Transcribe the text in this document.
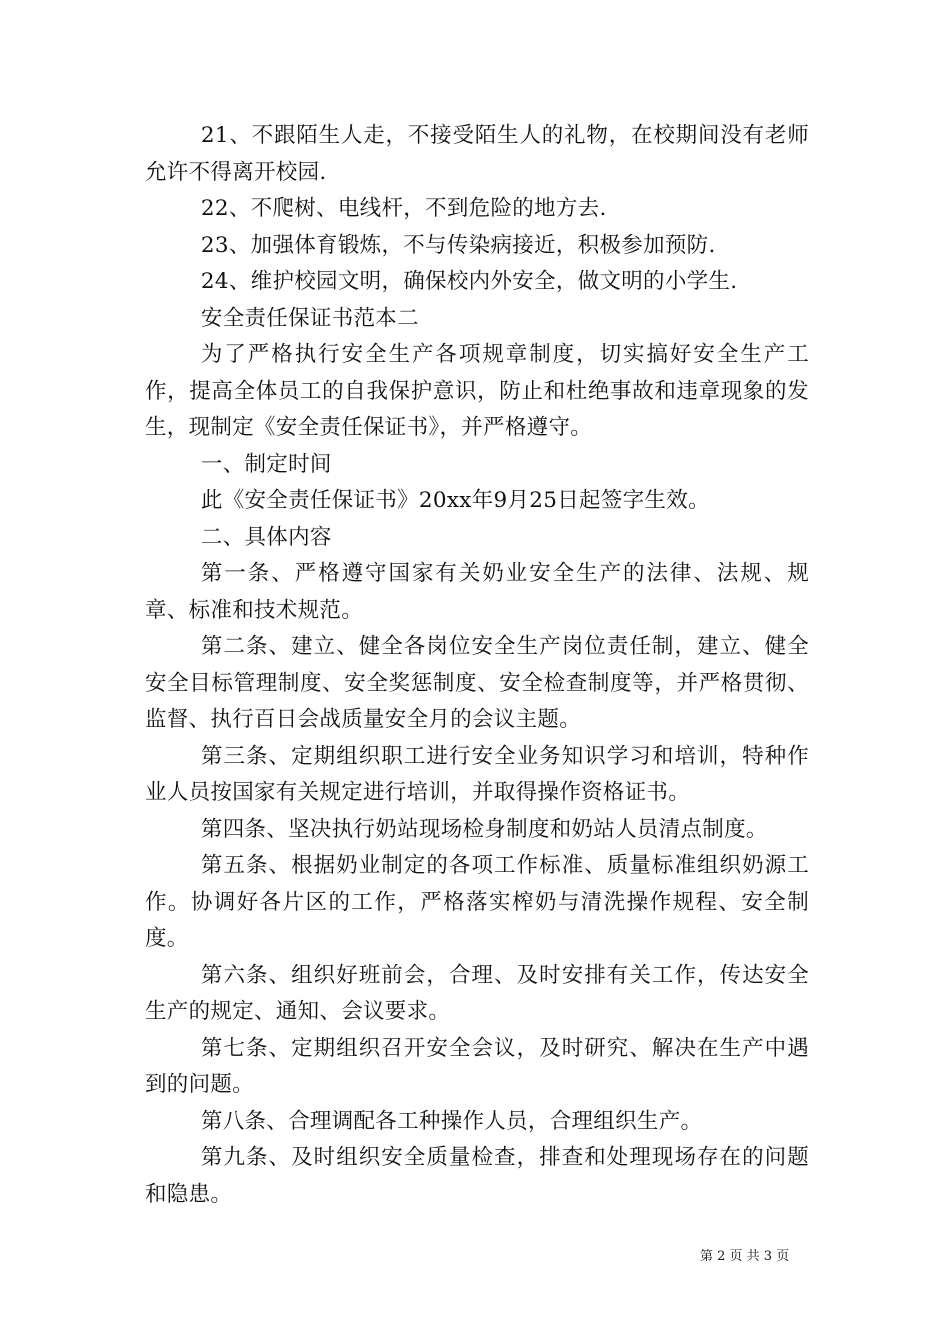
21、不跟陌生人走，不接受陌生人的礼物，在校期间没有老师允许不得离开校园.

22、不爬树、电线杆，不到危险的地方去.

23、加强体育锻炼，不与传染病接近，积极参加预防.

24、维护校园文明，确保校内外安全，做文明的小学生.

安全责任保证书范本二

为了严格执行安全生产各项规章制度，切实搞好安全生产工作，提高全体员工的自我保护意识，防止和杜绝事故和违章现象的发生，现制定《安全责任保证书》，并严格遵守。

一、制定时间

此《安全责任保证书》20xx年9月25日起签字生效。

二、具体内容

第一条、严格遵守国家有关奶业安全生产的法律、法规、规章、标准和技术规范。

第二条、建立、健全各岗位安全生产岗位责任制，建立、健全安全目标管理制度、安全奖惩制度、安全检查制度等，并严格贯彻、监督、执行百日会战质量安全月的会议主题。

第三条、定期组织职工进行安全业务知识学习和培训，特种作业人员按国家有关规定进行培训，并取得操作资格证书。

第四条、坚决执行奶站现场检身制度和奶站人员清点制度。

第五条、根据奶业制定的各项工作标准、质量标准组织奶源工作。协调好各片区的工作，严格落实榨奶与清洗操作规程、安全制度。

第六条、组织好班前会，合理、及时安排有关工作，传达安全生产的规定、通知、会议要求。

第七条、定期组织召开安全会议，及时研究、解决在生产中遇到的问题。

第八条、合理调配各工种操作人员，合理组织生产。

第九条、及时组织安全质量检查，排查和处理现场存在的问题和隐患。

第 2 页 共 3 页
